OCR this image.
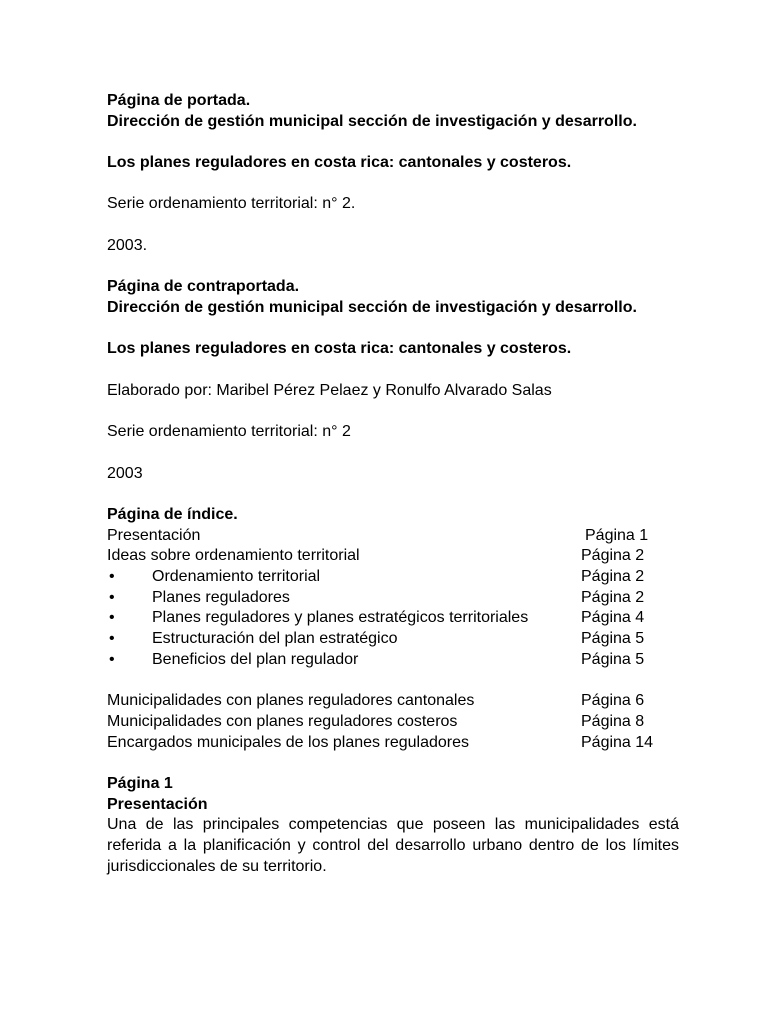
Página de portada.

Dirección de gestión municipal sección de investigación y desarrollo.

Los planes reguladores en costa rica: cantonales y costeros.

Serie ordenamiento territorial: n° 2.

2003.

Página de contraportada.

Dirección de gestión municipal sección de investigación y desarrollo.

Los planes reguladores en costa rica: cantonales y costeros.

Elaborado por: Maribel Pérez Pelaez y Ronulfo Alvarado Salas

Serie ordenamiento territorial: n° 2

2003

Página de índice.

Presentación	Página 1
Ideas sobre ordenamiento territorial	Página 2
• Ordenamiento territorial	Página 2
• Planes reguladores	Página 2
• Planes reguladores y planes estratégicos territoriales	Página 4
• Estructuración del plan estratégico	Página 5
• Beneficios del plan regulador	Página 5
Municipalidades con planes reguladores cantonales	Página 6
Municipalidades con planes reguladores costeros	Página 8
Encargados municipales de los planes reguladores	Página 14

Página 1

Presentación

Una de las principales competencias que poseen las municipalidades está referida a la planificación y control del desarrollo urbano dentro de los límites jurisdiccionales de su territorio.
